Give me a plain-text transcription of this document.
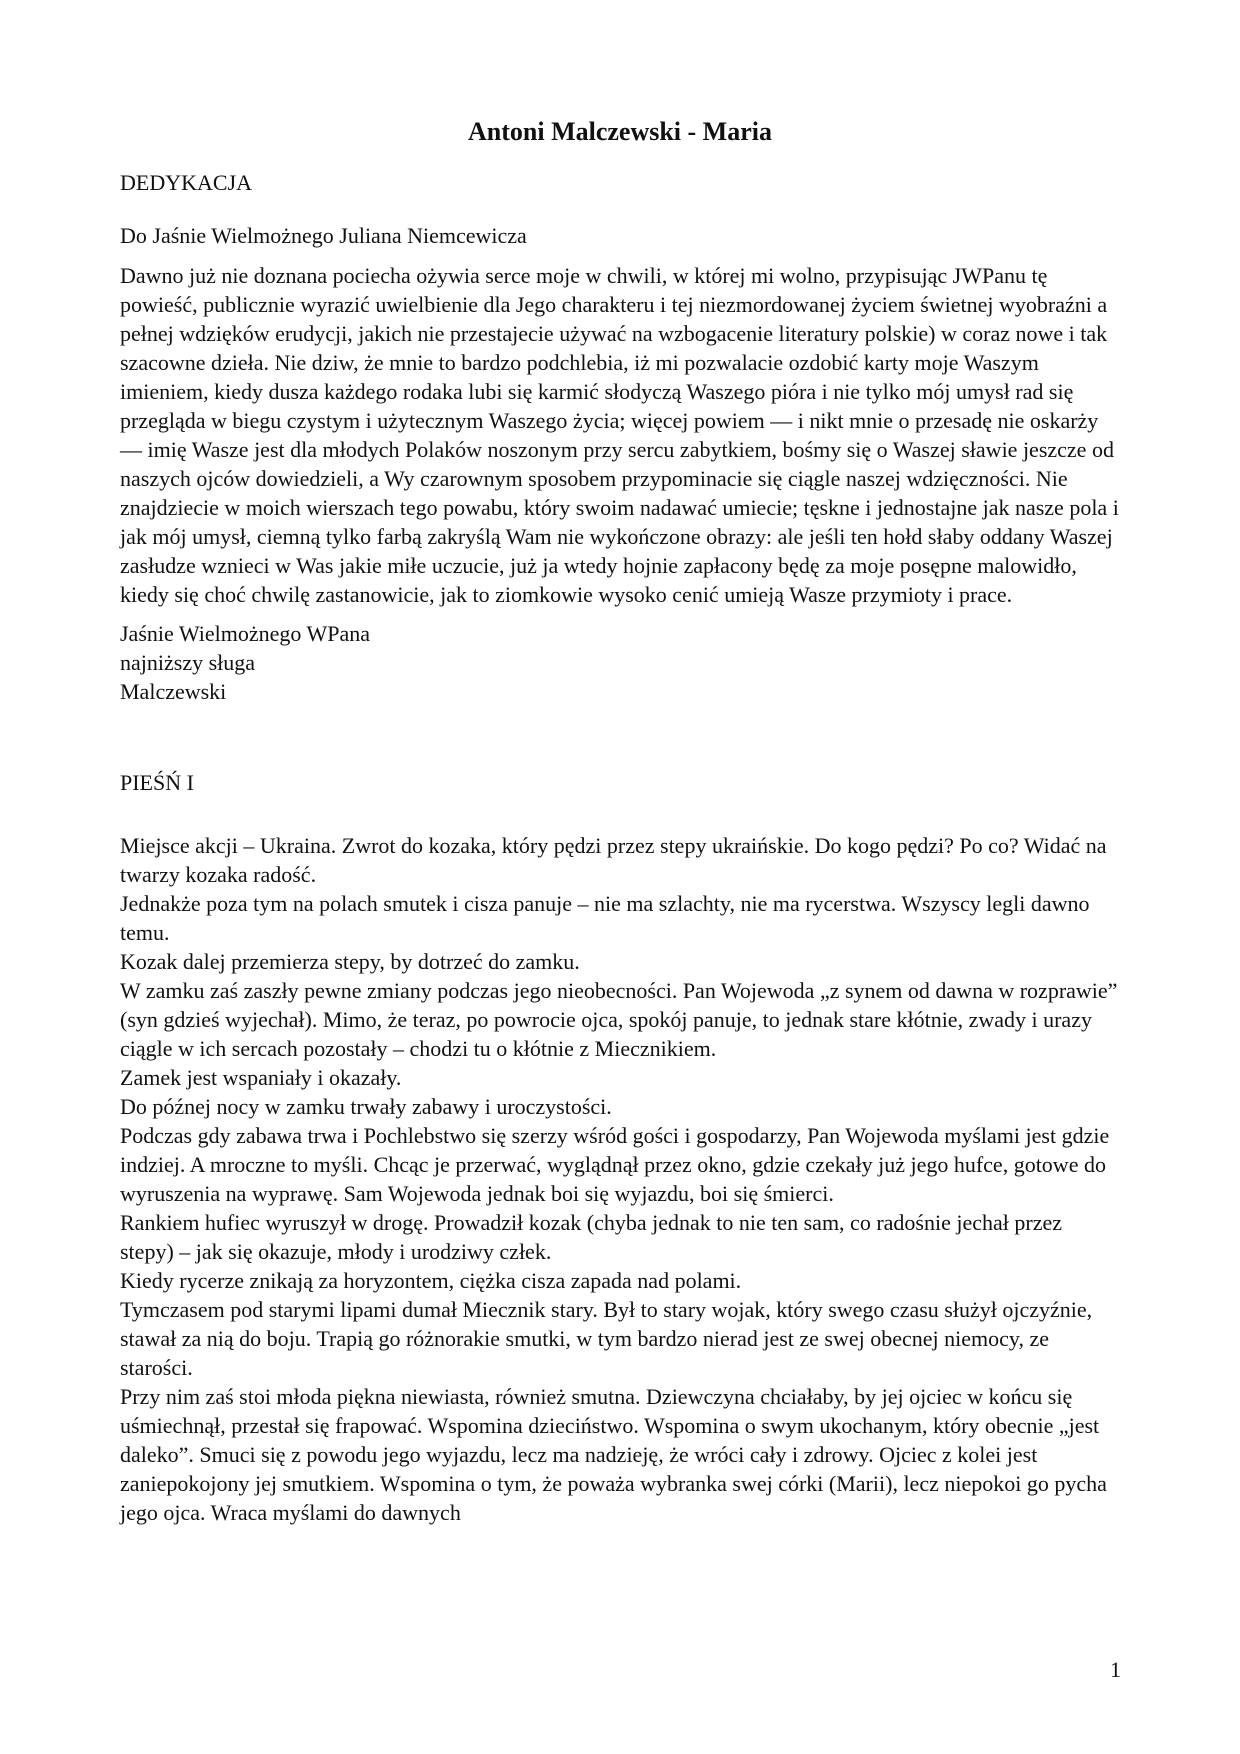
Antoni Malczewski - Maria
DEDYKACJA
Do Jaśnie Wielmożnego Juliana Niemcewicza
Dawno już nie doznana pociecha ożywia serce moje w chwili, w której mi wolno, przypisując JWPanu tę powieść, publicznie wyrazić uwielbienie dla Jego charakteru i tej niezmordowanej życiem świetnej wyobraźni a pełnej wdzięków erudycji, jakich nie przestajecie używać na wzbogacenie literatury polskie) w coraz nowe i tak szacowne dzieła. Nie dziw, że mnie to bardzo podchlebia, iż mi pozwalacie ozdobić karty moje Waszym imieniem, kiedy dusza każdego rodaka lubi się karmić słodyczą Waszego pióra i nie tylko mój umysł rad się przegląda w biegu czystym i użytecznym Waszego życia; więcej powiem — i nikt mnie o przesadę nie oskarży — imię Wasze jest dla młodych Polaków noszonym przy sercu zabytkiem, bośmy się o Waszej sławie jeszcze od naszych ojców dowiedzieli, a Wy czarownym sposobem przypominacie się ciągle naszej wdzięczności. Nie znajdziecie w moich wierszach tego powabu, który swoim nadawać umiecie; tęskne i jednostajne jak nasze pola i jak mój umysł, ciemną tylko farbą zakryślą Wam nie wykończone obrazy: ale jeśli ten hołd słaby oddany Waszej zasłudze wznieci w Was jakie miłe uczucie, już ja wtedy hojnie zapłacony będę za moje posępne malowidło, kiedy się choć chwilę zastanowicie, jak to ziomkowie wysoko cenić umieją Wasze przymioty i prace.
Jaśnie Wielmożnego WPana
najniższy sługa
Malczewski
PIEŚŃ I
Miejsce akcji – Ukraina. Zwrot do kozaka, który pędzi przez stepy ukraińskie. Do kogo pędzi? Po co? Widać na twarzy kozaka radość.
Jednakże poza tym na polach smutek i cisza panuje – nie ma szlachty, nie ma rycerstwa. Wszyscy legli dawno temu.
Kozak dalej przemierza stepy, by dotrzeć do zamku.
W zamku zaś zaszły pewne zmiany podczas jego nieobecności. Pan Wojewoda „z synem od dawna w rozprawie” (syn gdzieś wyjechał). Mimo, że teraz, po powrocie ojca, spokój panuje, to jednak stare kłótnie, zwady i urazy ciągle w ich sercach pozostały – chodzi tu o kłótnie z Miecznikiem.
Zamek jest wspaniały i okazały.
Do późnej nocy w zamku trwały zabawy i uroczystości.
Podczas gdy zabawa trwa i Pochlebstwo się szerzy wśród gości i gospodarzy, Pan Wojewoda myślami jest gdzie indziej. A mroczne to myśli. Chcąc je przerwać, wyglądnął przez okno, gdzie czekały już jego hufce, gotowe do wyruszenia na wyprawę. Sam Wojewoda jednak boi się wyjazdu, boi się śmierci.
Rankiem hufiec wyruszył w drogę. Prowadził kozak (chyba jednak to nie ten sam, co radośnie jechał przez stepy) – jak się okazuje, młody i urodziwy człek.
Kiedy rycerze znikają za horyzontem, ciężka cisza zapada nad polami.
Tymczasem pod starymi lipami dumał Miecznik stary. Był to stary wojak, który swego czasu służył ojczyźnie, stawał za nią do boju. Trapią go różnorakie smutki, w tym bardzo nierad jest ze swej obecnej niemocy, ze starości.
Przy nim zaś stoi młoda piękna niewiasta, również smutna. Dziewczyna chciałaby, by jej ojciec w końcu się uśmiechnął, przestał się frapować. Wspomina dzieciństwo. Wspomina o swym ukochanym, który obecnie „jest daleko”. Smuci się z powodu jego wyjazdu, lecz ma nadzieję, że wróci cały i zdrowy. Ojciec z kolei jest zaniepokojony jej smutkiem. Wspomina o tym, że poważa wybranka swej córki (Marii), lecz niepokoi go pycha jego ojca. Wraca myślami do dawnych
1
